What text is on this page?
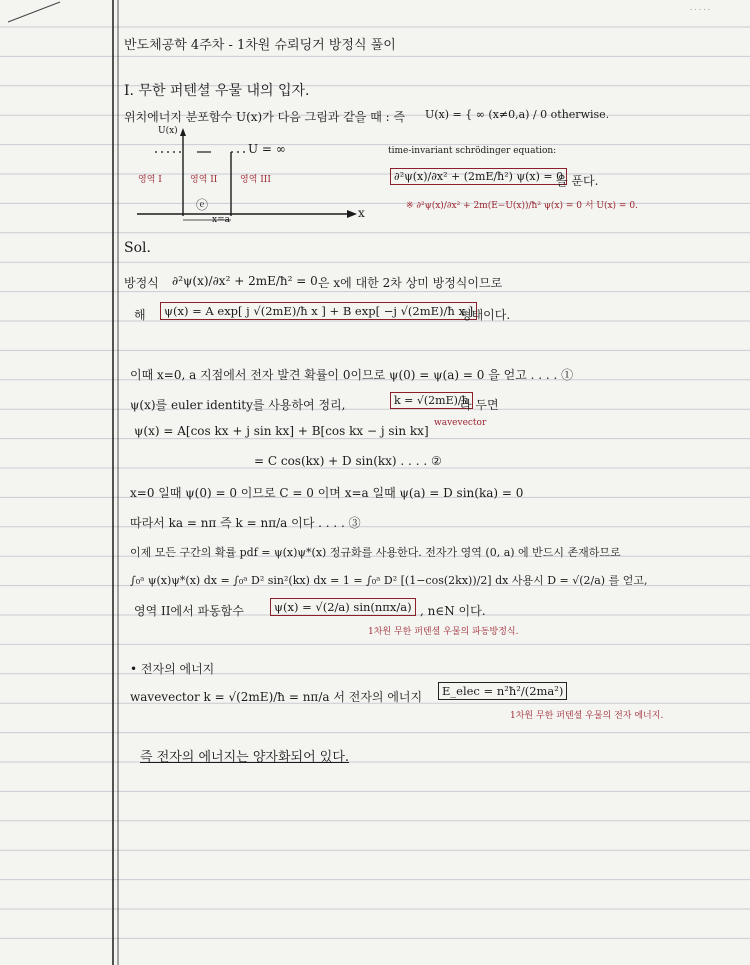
· · · · ·
반도체공학 4주차 - 1차원 슈뢰딩거 방정식 풀이
I. 무한 퍼텐셜 우물 내의 입자.
위치에너지 분포함수 U(x)가 다음 그림과 같을 때 : 즉 U(x) = { ∞ (x≠0,a) / 0 otherwise.
U(x)
U = ∞
영역 I	영역 II	영역 III
ⓔ
x=a	x
time-invariant schrödinger equation:
∂²ψ(x)/∂x² + (2mE/ħ²) ψ(x) = 0
을 푼다.
※ ∂²ψ(x)/∂x² + 2m(E−U(x))/ħ² ψ(x) = 0 서 U(x) = 0.
Sol.
방정식 ∂²ψ(x)/∂x² + 2mE/ħ² = 0 은 x에 대한 2차 상미 방정식이므로
해	ψ(x) = A exp[ j √(2mE)/ħ x ] + B exp[ −j √(2mE)/ħ x ]
형태이다.
이때 x=0, a 지점에서 전자 발견 확률이 0이므로 ψ(0) = ψ(a) = 0 을 얻고 . . . . ①
ψ(x)를 euler identity를 사용하여 정리,	k = √(2mE)/ħ
라 두면
wavevector
ψ(x) = A[cos kx + j sin kx] + B[cos kx − j sin kx]
= C cos(kx) + D sin(kx) . . . . ②
x=0 일때 ψ(0) = 0 이므로 C = 0 이며 x=a 일때 ψ(a) = D sin(ka) = 0
따라서 ka = nπ 즉 k = nπ/a 이다 . . . . ③
이제 모든 구간의 확률 pdf = ψ(x)ψ*(x) 정규화를 사용한다. 전자가 영역 (0, a) 에 반드시 존재하므로
∫₀ᵃ ψ(x)ψ*(x) dx = ∫₀ᵃ D² sin²(kx) dx = 1 = ∫₀ᵃ D² [(1−cos(2kx))/2] dx 사용시 D = √(2/a) 를 얻고,
영역 II에서 파동함수	ψ(x) = √(2/a) sin(nπx/a) , n∈N 이다.
1차원 무한 퍼텐셜 우물의 파동방정식.
• 전자의 에너지
wavevector k = √(2mE)/ħ = nπ/a 서 전자의 에너지	E_elec = n²ħ²/(2ma²)
1차원 무한 퍼텐셜 우물의 전자 에너지.
즉 전자의 에너지는 양자화되어 있다.
